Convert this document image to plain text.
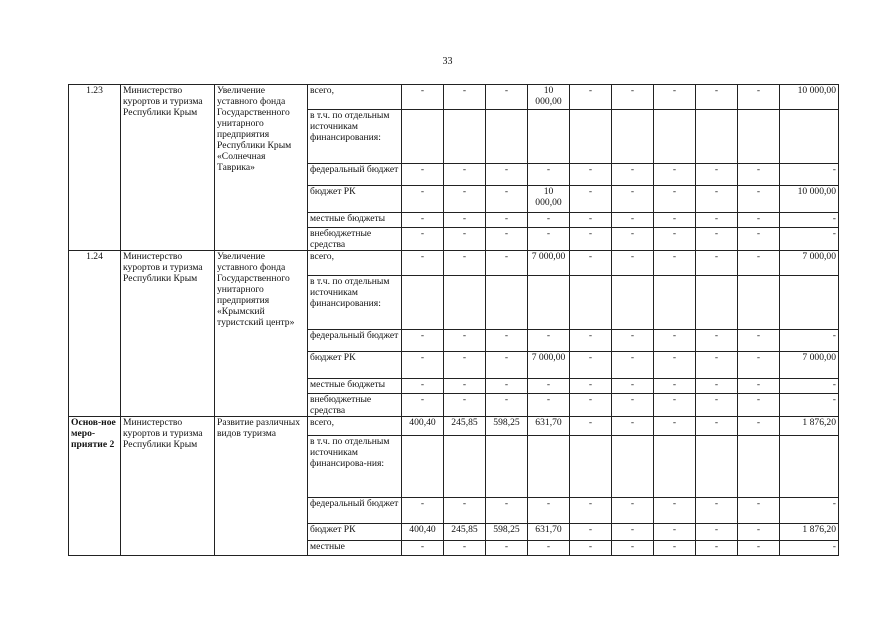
33
1.23	Министерство курортов и туризма Республики Крым	Увеличение уставного фонда Государственного унитарного предприятия Республики Крым «Солнечная Таврика»	всего,	-	-	-	10 000,00	-	-	-	-	-	10 000,00
			в т.ч. по отдельным источникам финансирования:										
			федеральный бюджет	-	-	-	-	-	-	-	-	-	-
			бюджет РК	-	-	-	10 000,00	-	-	-	-	-	10 000,00
			местные бюджеты	-	-	-	-	-	-	-	-	-	-
			внебюджетные средства	-	-	-	-	-	-	-	-	-	-
1.24	Министерство курортов и туризма Республики Крым	Увеличение уставного фонда Государственного унитарного предприятия «Крымский туристский центр»	всего,	-	-	-	7 000,00	-	-	-	-	-	7 000,00
			в т.ч. по отдельным источникам финансирования:										
			федеральный бюджет	-	-	-	-	-	-	-	-	-	-
			бюджет РК	-	-	-	7 000,00	-	-	-	-	-	7 000,00
			местные бюджеты	-	-	-	-	-	-	-	-	-	-
			внебюджетные средства	-	-	-	-	-	-	-	-	-	-
Основ-ное меро-приятие 2	Министерство курортов и туризма Республики Крым	Развитие различных видов туризма	всего,	400,40	245,85	598,25	631,70	-	-	-	-	-	1 876,20
			в т.ч. по отдельным источникам финансирова-ния:										
			федеральный бюджет	-	-	-	-	-	-	-	-	-	-
			бюджет РК	400,40	245,85	598,25	631,70	-	-	-	-	-	1 876,20
			местные	-	-	-	-	-	-	-	-	-	-
